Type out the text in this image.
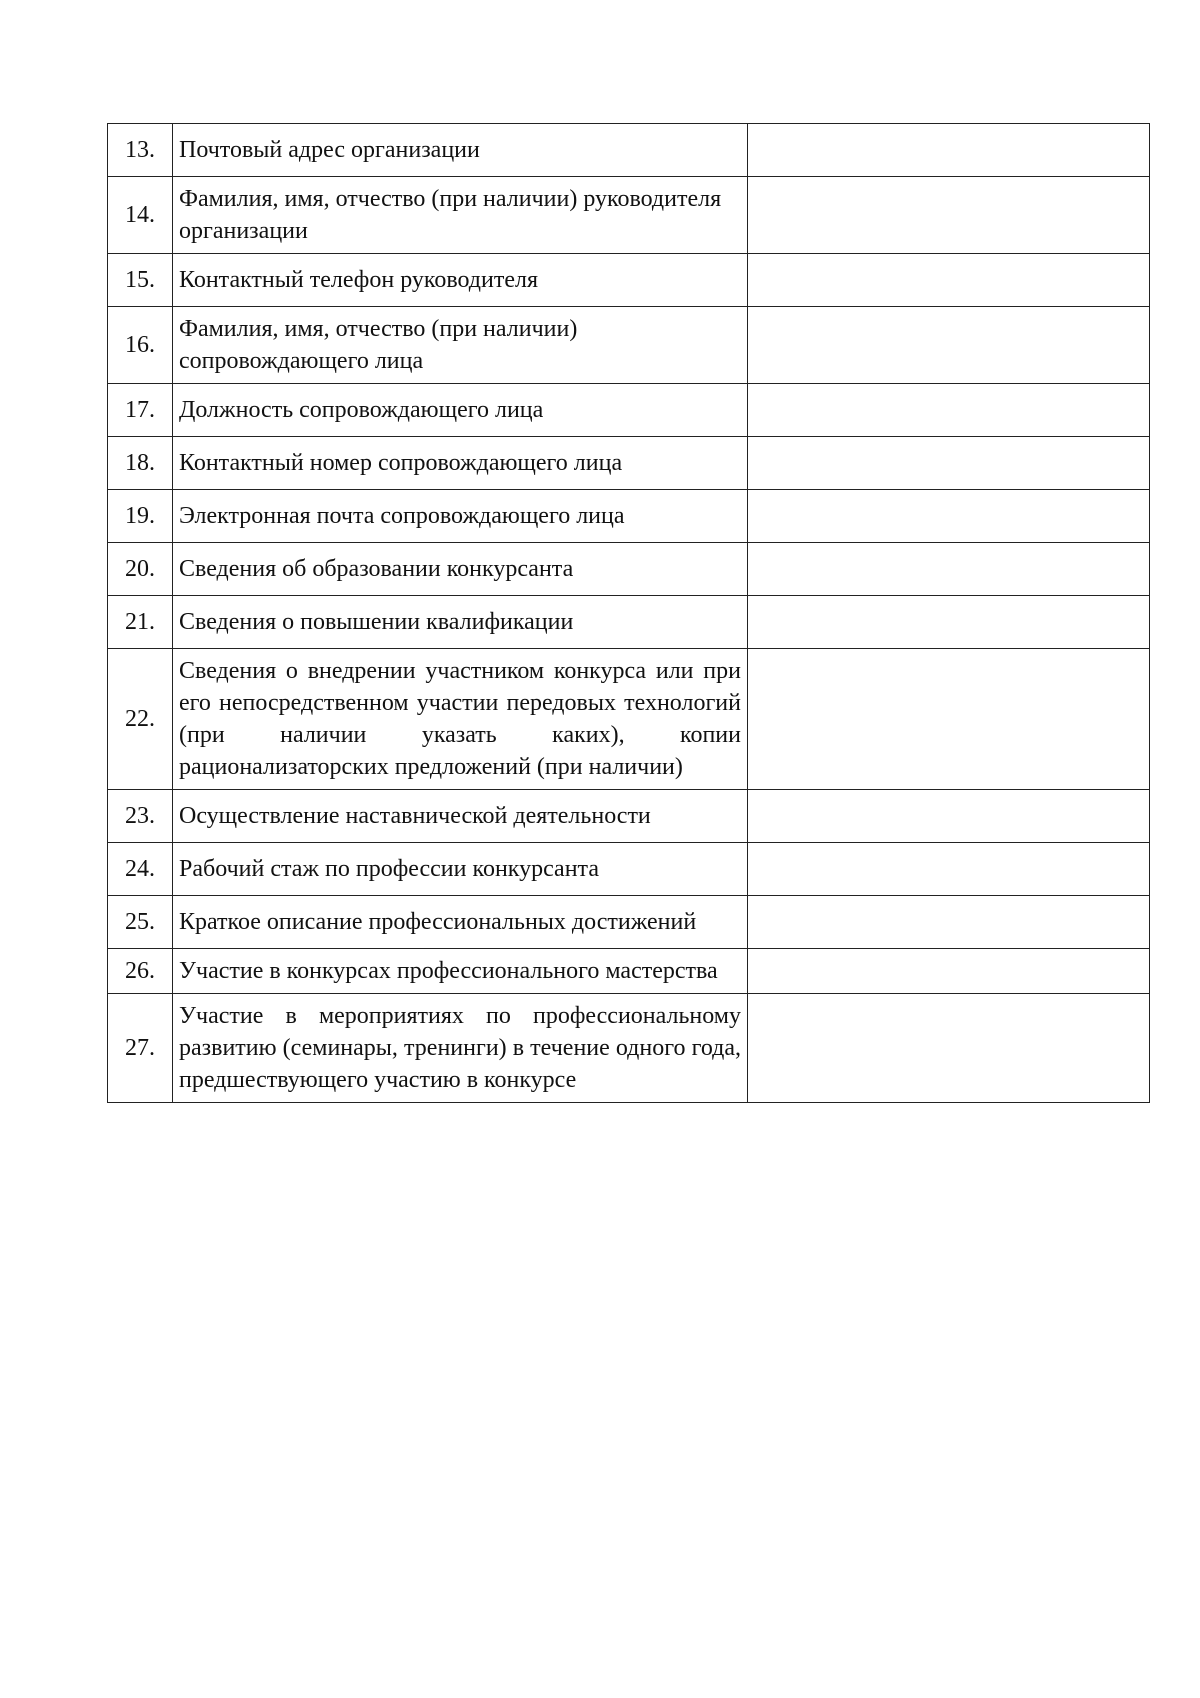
13.	Почтовый адрес организации	
14.	Фамилия, имя, отчество (при наличии) руководителя организации	
15.	Контактный телефон руководителя	
16.	Фамилия, имя, отчество (при наличии) сопровождающего лица	
17.	Должность сопровождающего лица	
18.	Контактный номер сопровождающего лица	
19.	Электронная почта сопровождающего лица	
20.	Сведения об образовании конкурсанта	
21.	Сведения о повышении квалификации	
22.	Сведения о внедрении участником конкурса или при его непосредственном участии передовых технологий (при наличии указать каких), копии рационализаторских предложений (при наличии)	
23.	Осуществление наставнической деятельности	
24.	Рабочий стаж по профессии конкурсанта	
25.	Краткое описание профессиональных достижений	
26.	Участие в конкурсах профессионального мастерства	
27.	Участие в мероприятиях по профессиональному развитию (семинары, тренинги) в течение одного года, предшествующего участию в конкурсе	
